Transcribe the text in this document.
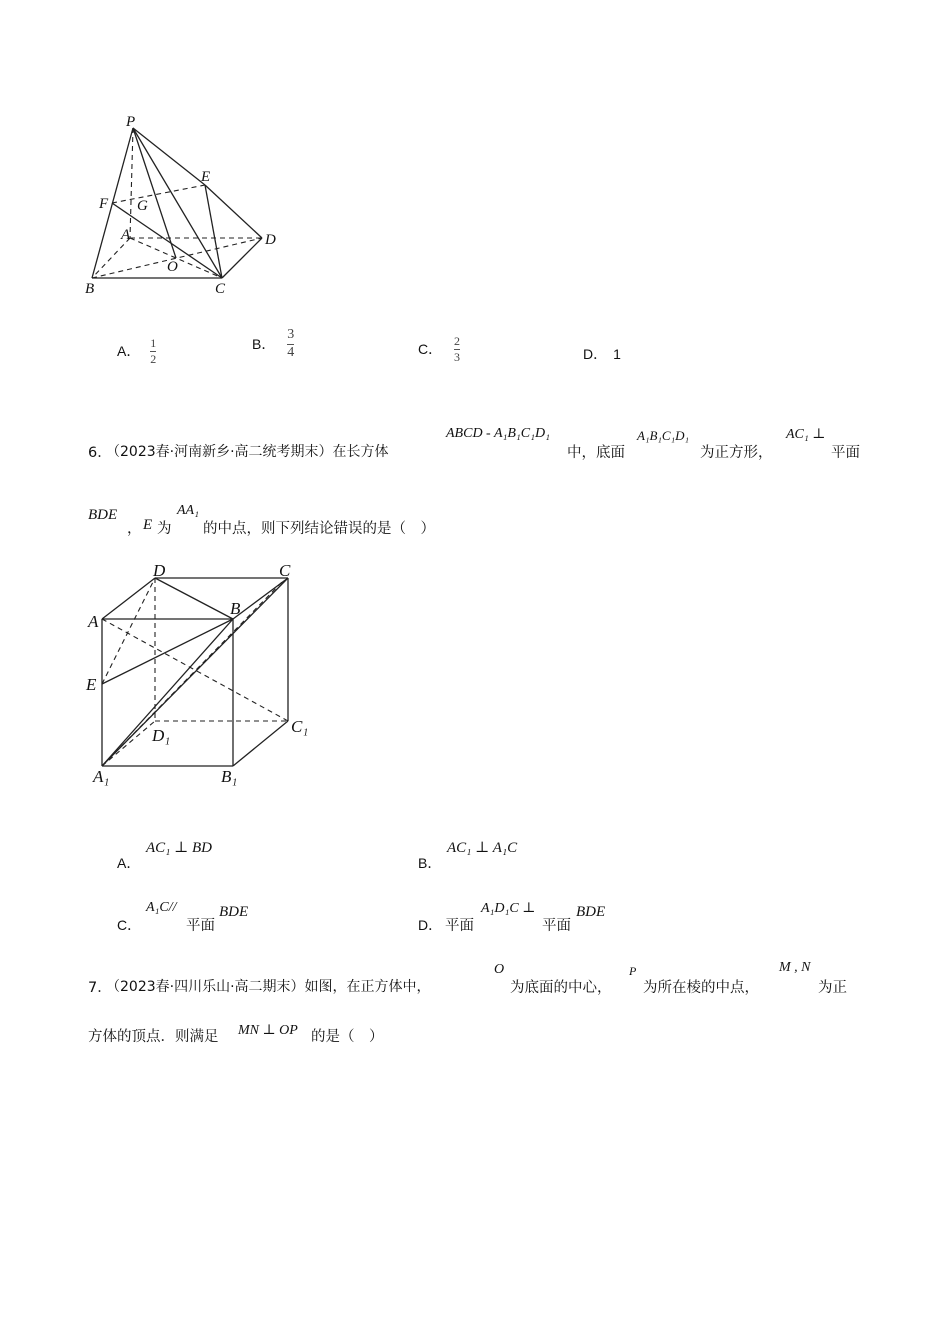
P
E
F G
A	D
O
B	C
A． $\frac{1}{2}$	B． $\frac{3}{4}$	C． $\frac{2}{3}$	D． 1
6．
（2023春·河南新乡·高二统考期末）在长方体
ABCD - A₁B₁C₁D₁
中，底面
A₁B₁C₁D₁
为正方形，
AC₁ ⊥
平面
BDE
， E 为
AA₁
的中点，则下列结论错误的是（　）
D	C
A
B
E
C₁
D₁
A₁	B₁
A．
AC₁ ⊥ BD
B．
AC₁ ⊥ A₁C
C．
A₁C//
平面
BDE
D． 平面
A₁D₁C ⊥
平面
BDE
7．
（2023春·四川乐山·高二期末）如图，在正方体中，
O
为底面的中心，
P
为所在棱的中点，
M , N
为正
方体的顶点．则满足 MN ⊥ OP 的是（　）
